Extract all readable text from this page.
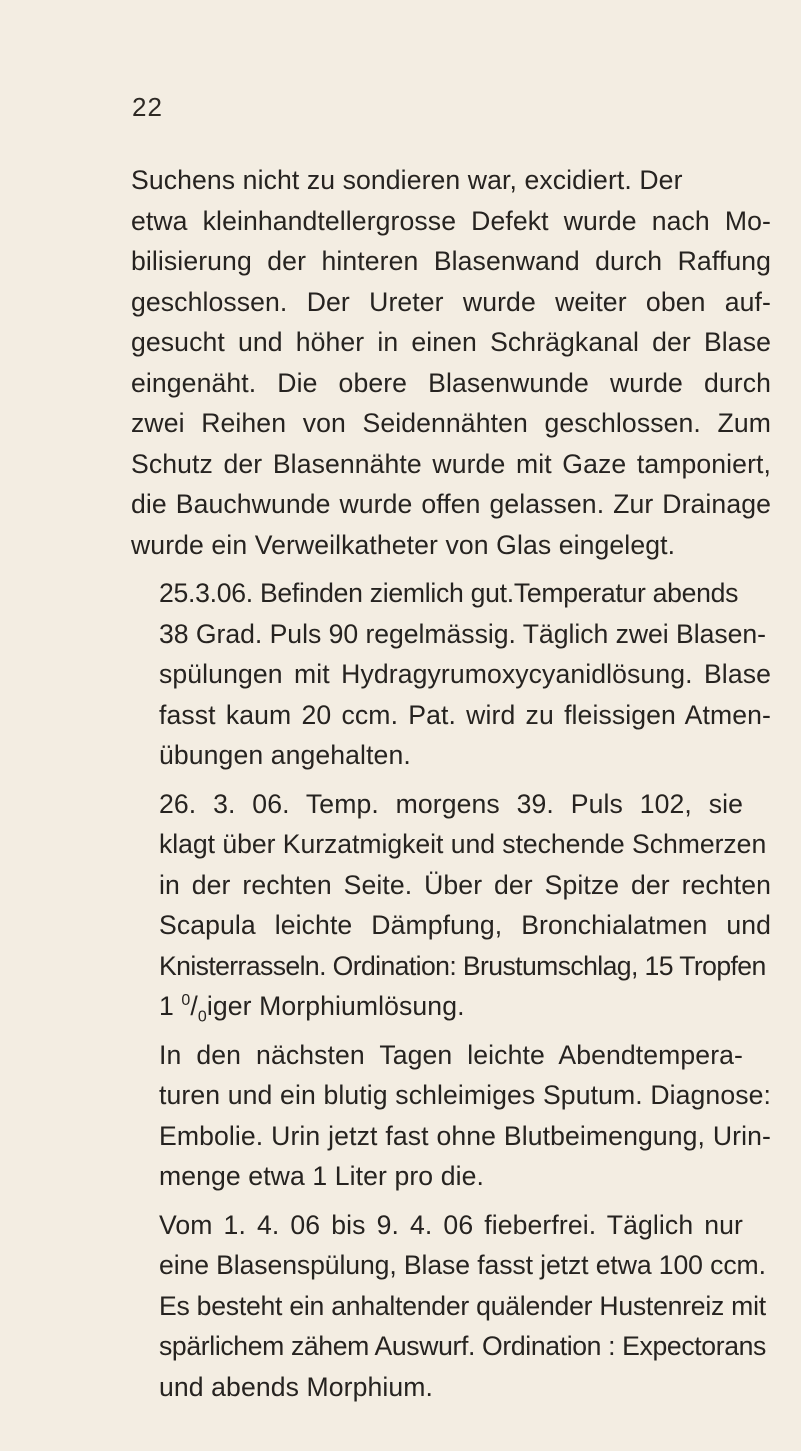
22

Suchens nicht zu sondieren war, excidiert. Der
etwa kleinhandtellergrosse Defekt wurde nach Mo-
bilisierung der hinteren Blasenwand durch Raffung
geschlossen. Der Ureter wurde weiter oben auf-
gesucht und höher in einen Schrägkanal der Blase
eingenäht. Die obere Blasenwunde wurde durch
zwei Reihen von Seidennähten geschlossen. Zum
Schutz der Blasennähte wurde mit Gaze tamponiert,
die Bauchwunde wurde offen gelassen. Zur Drainage
wurde ein Verweilkatheter von Glas eingelegt.

25.3.06. Befinden ziemlich gut.Temperatur abends
38 Grad. Puls 90 regelmässig. Täglich zwei Blasen-
spülungen mit Hydragyrumoxycyanidlösung. Blase
fasst kaum 20 ccm. Pat. wird zu fleissigen Atmen-
übungen angehalten.

26. 3. 06. Temp. morgens 39. Puls 102, sie
klagt über Kurzatmigkeit und stechende Schmerzen
in der rechten Seite. Über der Spitze der rechten
Scapula leichte Dämpfung, Bronchialatmen und
Knisterrasseln. Ordination: Brustumschlag, 15 Tropfen
1 $^0/_0iger$ Morphiumlösung.

In den nächsten Tagen leichte Abendtempera-
turen und ein blutig schleimiges Sputum. Diagnose:
Embolie. Urin jetzt fast ohne Blutbeimengung, Urin-
menge etwa 1 Liter pro die.

Vom 1. 4. 06 bis 9. 4. 06 fieberfrei. Täglich nur
eine Blasenspülung, Blase fasst jetzt etwa 100 ccm.
Es besteht ein anhaltender quälender Hustenreiz mit
spärlichem zähem Auswurf. Ordination : Expectorans
und abends Morphium.
